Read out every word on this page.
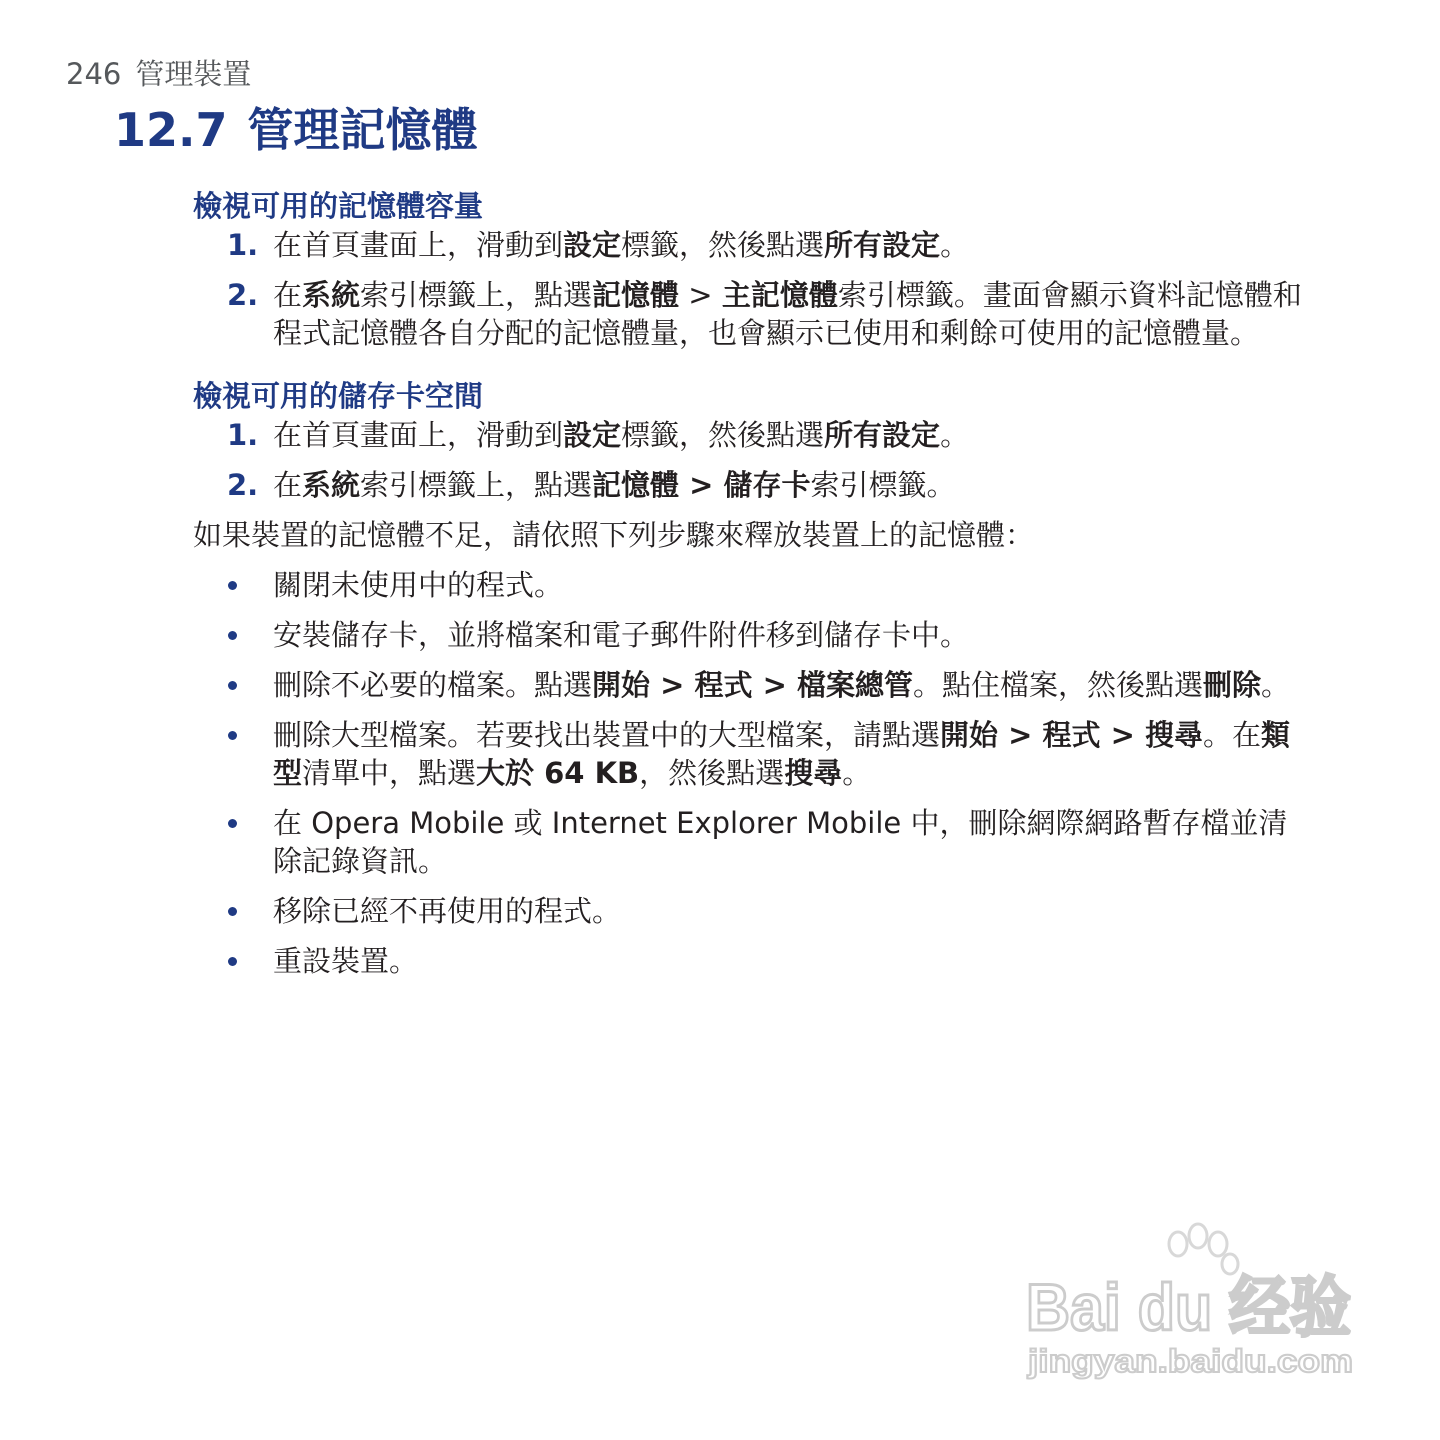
246 管理裝置
12.7 管理記憶體

檢視可用的記憶體容量

1. 在首頁畫面上，滑動到設定標籤，然後點選所有設定。
2. 在系統索引標籤上，點選記憶體 > 主記憶體索引標籤。畫面會顯示資料記憶體和程式記憶體各自分配的記憶體量，也會顯示已使用和剩餘可使用的記憶體量。

檢視可用的儲存卡空間

1. 在首頁畫面上，滑動到設定標籤，然後點選所有設定。
2. 在系統索引標籤上，點選記憶體 > 儲存卡索引標籤。

如果裝置的記憶體不足，請依照下列步驟來釋放裝置上的記憶體：

關閉未使用中的程式。
安裝儲存卡，並將檔案和電子郵件附件移到儲存卡中。
刪除不必要的檔案。點選開始 > 程式 > 檔案總管。點住檔案，然後點選刪除。
刪除大型檔案。若要找出裝置中的大型檔案，請點選開始 > 程式 > 搜尋。在類型清單中，點選大於 64 KB，然後點選搜尋。
在 Opera Mobile 或 Internet Explorer Mobile 中，刪除網際網路暫存檔並清除記錄資訊。
移除已經不再使用的程式。
重設裝置。
Bai du 经验
jingyan.baidu.com
